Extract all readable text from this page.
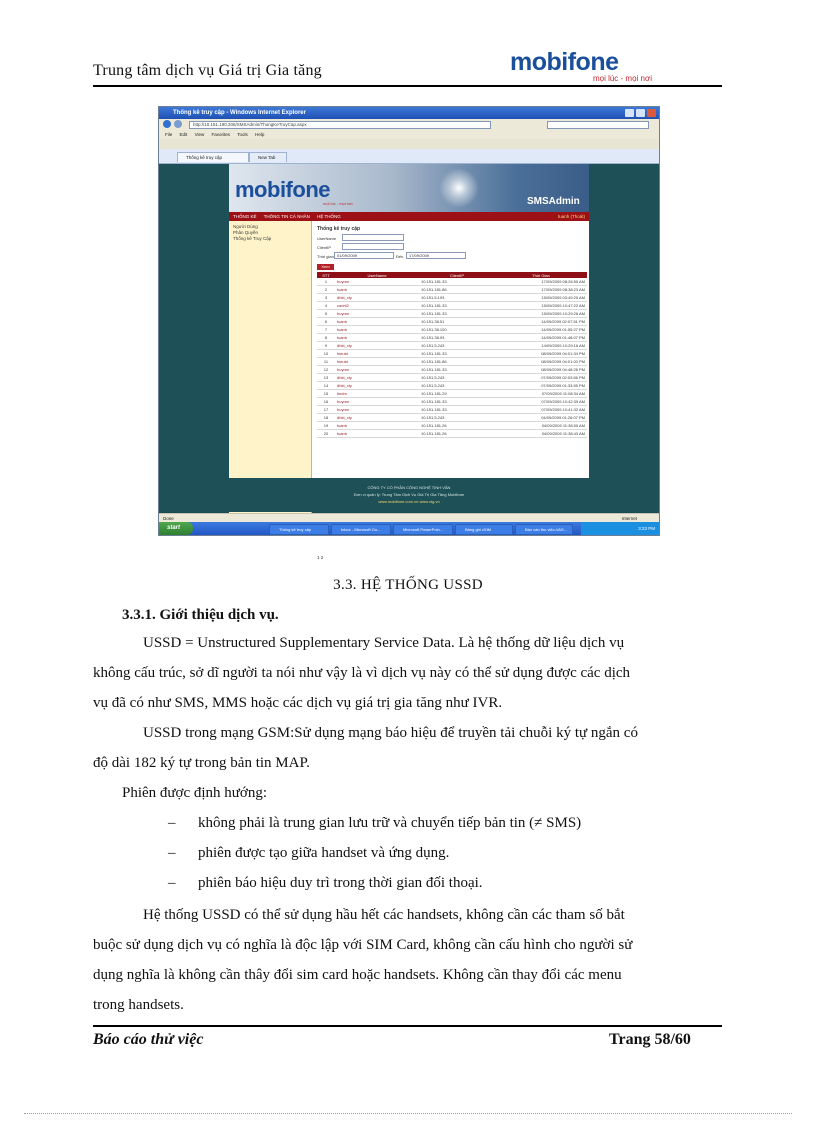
Trung tâm dịch vụ Giá trị Gia tăng	mobifone
mọi lúc - mọi nơi
Thống kê truy cập - Windows Internet Explorer
http://10.151.190.206/SMSAdmin/ThongKeTruyCap.aspx
File Edit View Favorites Tools Help
Thống kê truy cập	New Tab
mobifone
mọi lúc - mọi nơi	SMSAdmin
THỐNG KÊ THÔNG TIN CÁ NHÂN HỆ THỐNG	tuanh (Thoát)
Người Dùng
Phân Quyền
Thống kê Truy Cập
Thống kê truy cập
UserName
ClientIP
Thời gian 01/09/2009	Đến	17/09/2009
Xem
STT	UserName	ClientIP	Thời Gian
1	huynm	10.151.181.33	17/09/2009 08:26:50 AM
2	tuanh	10.151.181.86	17/09/2009 08:38:23 AM
3	dhkt_cty	10.151.5.193	15/09/2009 03:49:20 AM
4	caohl2	10.151.181.33	15/09/2009 10:47:22 AM
5	huynm	10.151.181.33	15/09/2009 10:29:26 AM
6	tuanh	10.151.38.51	14/09/2009 02:07:51 PM
7	tuanh	10.151.38.100	14/09/2009 01:55:27 PM
8	tuanh	10.151.38.93	14/09/2009 01:48:07 PM
9	dhkt_cty	10.151.5.243	14/09/2009 10:29:16 AM
10	hieutd	10.151.181.33	08/09/2009 04:01:34 PM
11	hieutd	10.151.181.86	08/09/2009 04:01:00 PM
12	huynm	10.151.181.33	08/09/2009 04:48:28 PM
13	dhkt_cty	10.151.5.243	07/09/2009 02:53:56 PM
14	dhkt_cty	10.151.5.243	07/09/2009 01:33:55 PM
15	tindm	10.151.181.29	07/09/2009 11:08:34 AM
16	huynm	10.151.181.33	07/09/2009 10:42:39 AM
17	huynm	10.151.181.33	07/09/2009 10:41:32 AM
18	dhkt_cty	10.151.5.243	04/09/2009 01:26:07 PM
19	tuanh	10.151.181.26	04/09/2009 11:38:50 AM
20	tuanh	10.151.181.26	04/09/2009 11:38:43 AM
1 2
CÔNG TY CỔ PHẦN CÔNG NGHỆ TINH VÂN
Đơn vị quản lý: Trung Tâm Dịch Vụ Giá Trị Gia Tăng Mobifone
www.mobifone.com.vn www.vtg.vn
Done	Internet
start	Thống kê truy cập	Inbox - Microsoft Ou...	Microsoft PowerPoin...	Bảng ghi cSIM	Báo cáo thu việc-VAS...	3:23 PM
3.3. HỆ THỐNG USSD
3.3.1. Giới thiệu dịch vụ.
USSD = Unstructured Supplementary Service Data. Là hệ thống dữ liệu dịch vụ
không cấu trúc, sở dĩ người ta nói như vậy là vì dịch vụ này có thể sử dụng được các dịch
vụ đã có như SMS, MMS hoặc các dịch vụ giá trị gia tăng như IVR.
USSD trong mạng GSM:Sử dụng mạng báo hiệu để truyền tải chuỗi ký tự ngắn có
độ dài 182 ký tự trong bản tin MAP.
Phiên được định hướng:
– không phải là trung gian lưu trữ và chuyển tiếp bản tin (≠ SMS)
– phiên được tạo giữa handset và ứng dụng.
– phiên báo hiệu duy trì trong thời gian đối thoại.
Hệ thống USSD có thể sử dụng hầu hết các handsets, không cần các tham số bắt
buộc sử dụng dịch vụ có nghĩa là độc lập với SIM Card, không cần cấu hình cho người sử
dụng nghĩa là không cần thây đổi sim card hoặc handsets. Không cần thay đổi các menu
trong handsets.
Báo cáo thử việc	Trang 58/60
